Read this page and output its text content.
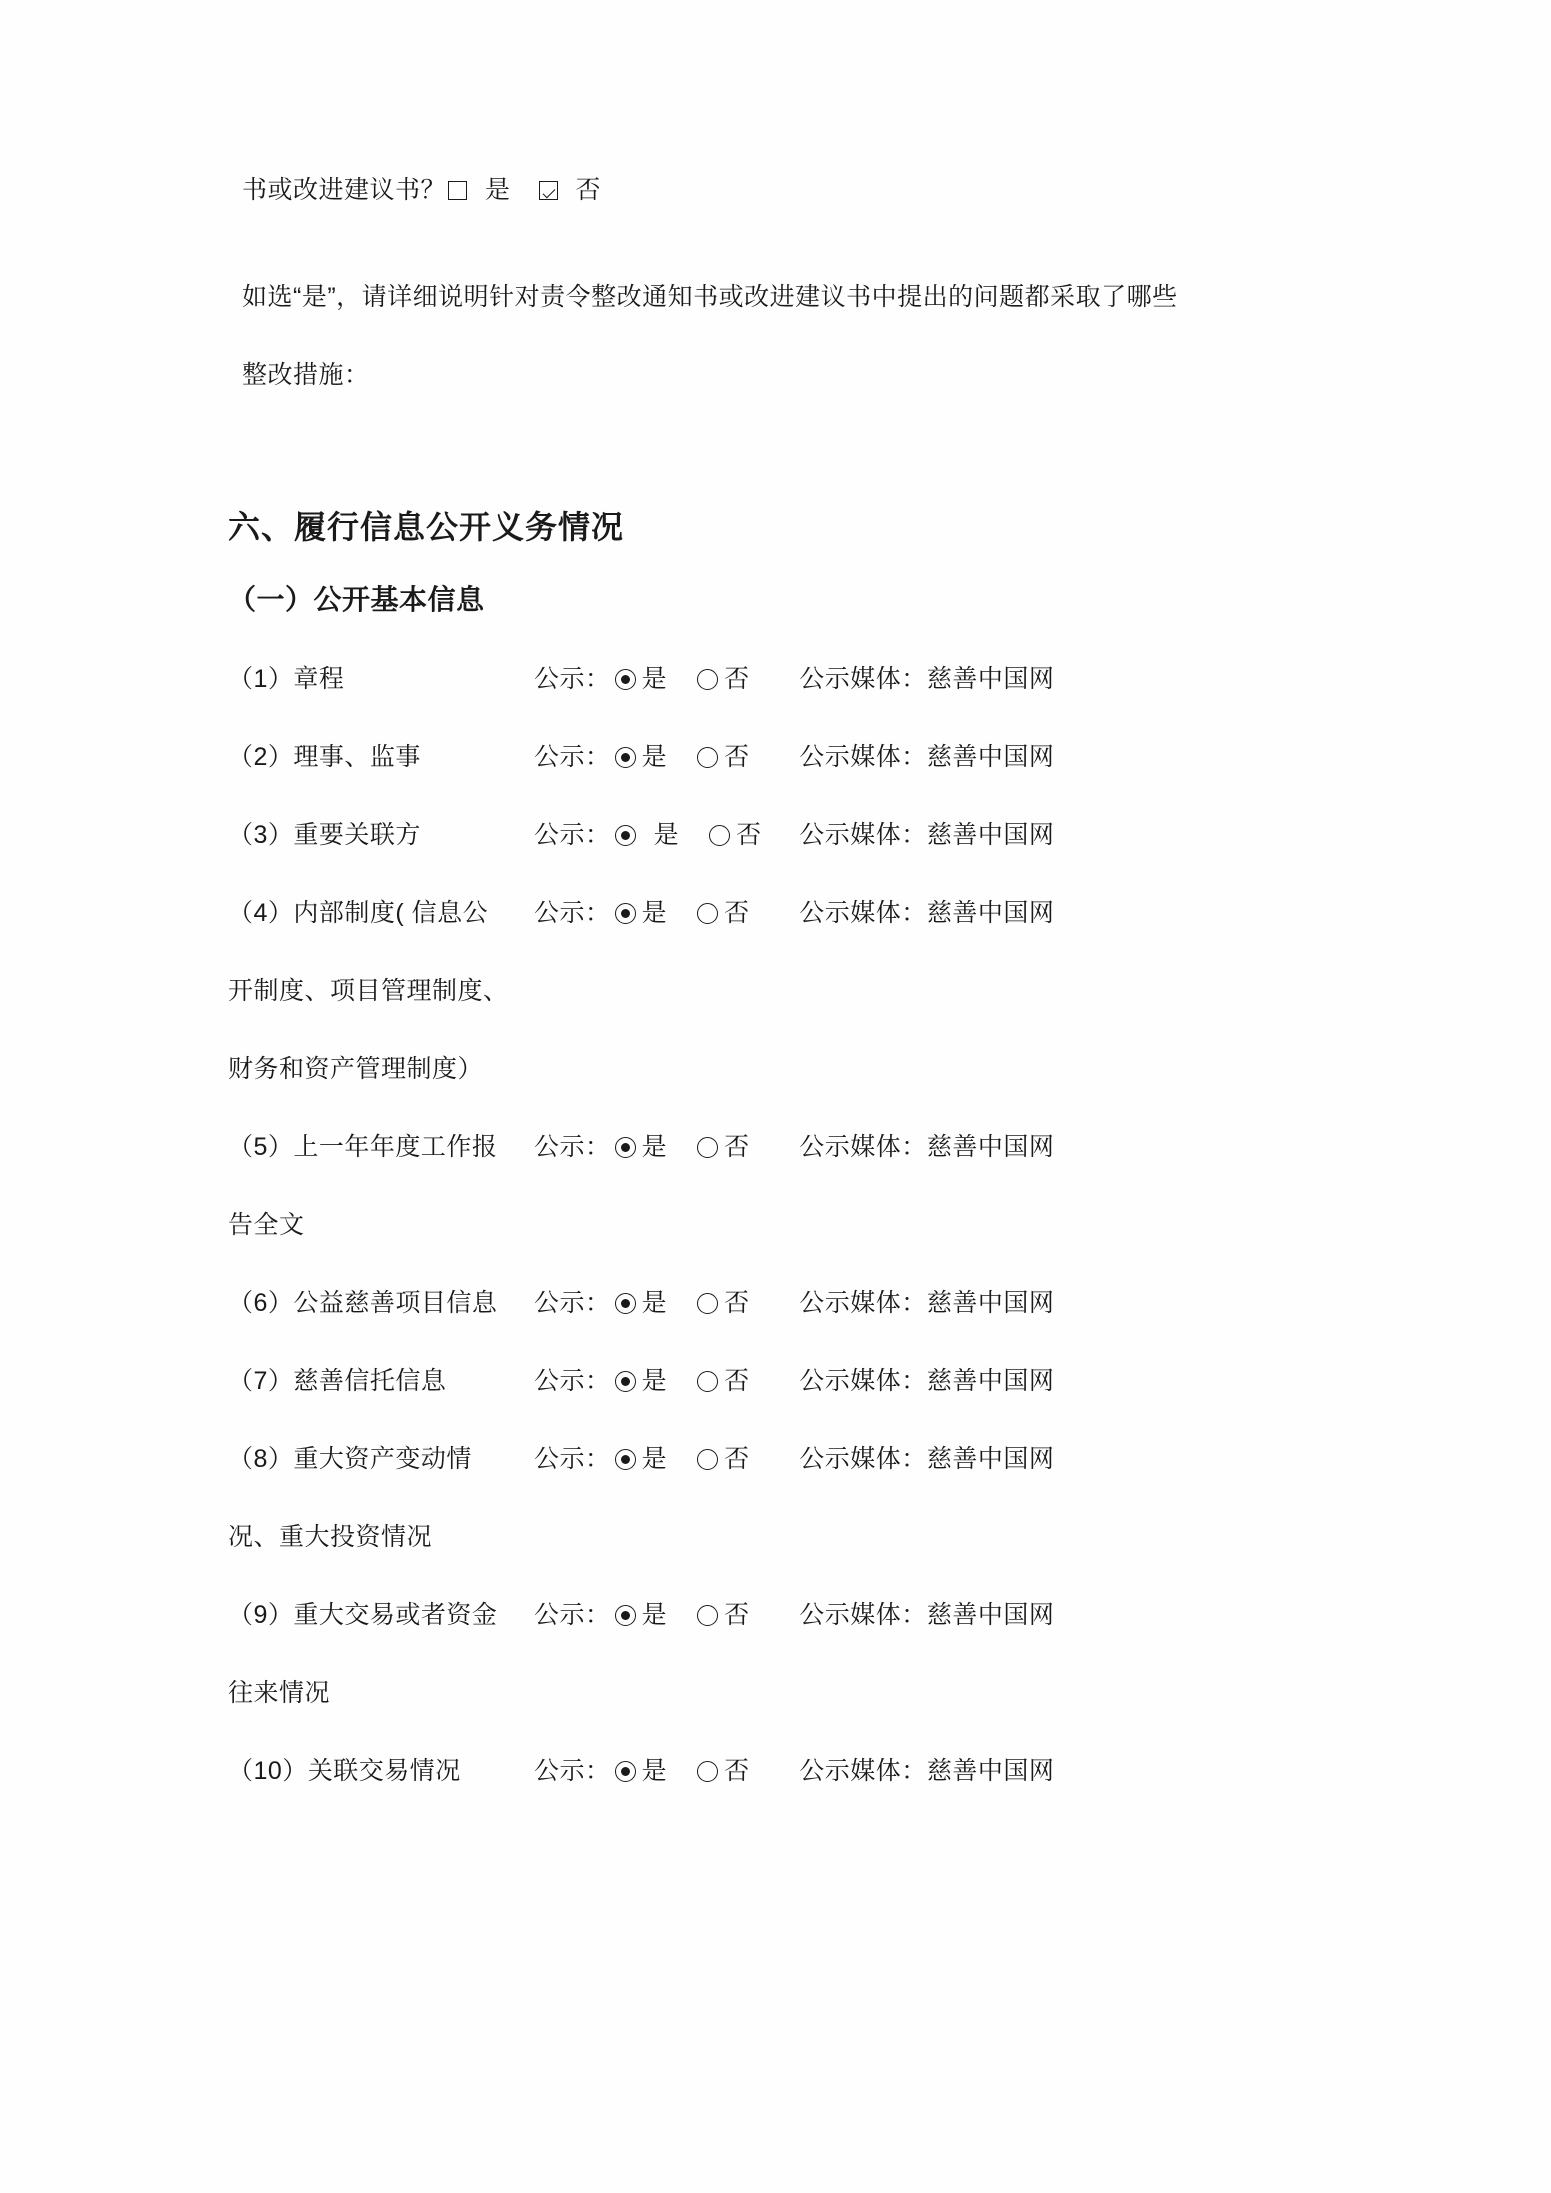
书或改进建议书？ 是	否
如选“是”，请详细说明针对责令整改通知书或改进建议书中提出的问题都采取了哪些
整改措施：
六、履行信息公开义务情况
（一）公开基本信息
（1）章程	公示： 是 否	公示媒体：慈善中国网
（2）理事、监事	公示： 是 否	公示媒体：慈善中国网
（3）重要关联方	公示： 是 否	公示媒体：慈善中国网
（4）内部制度( 信息公	公示： 是 否	公示媒体：慈善中国网
开制度、项目管理制度、		
财务和资产管理制度）		
（5）上一年年度工作报	公示： 是 否	公示媒体：慈善中国网
告全文		
（6）公益慈善项目信息	公示： 是 否	公示媒体：慈善中国网
（7）慈善信托信息	公示： 是 否	公示媒体：慈善中国网
（8）重大资产变动情	公示： 是 否	公示媒体：慈善中国网
况、重大投资情况		
（9）重大交易或者资金	公示： 是 否	公示媒体：慈善中国网
往来情况		
（10）关联交易情况	公示： 是 否	公示媒体：慈善中国网
